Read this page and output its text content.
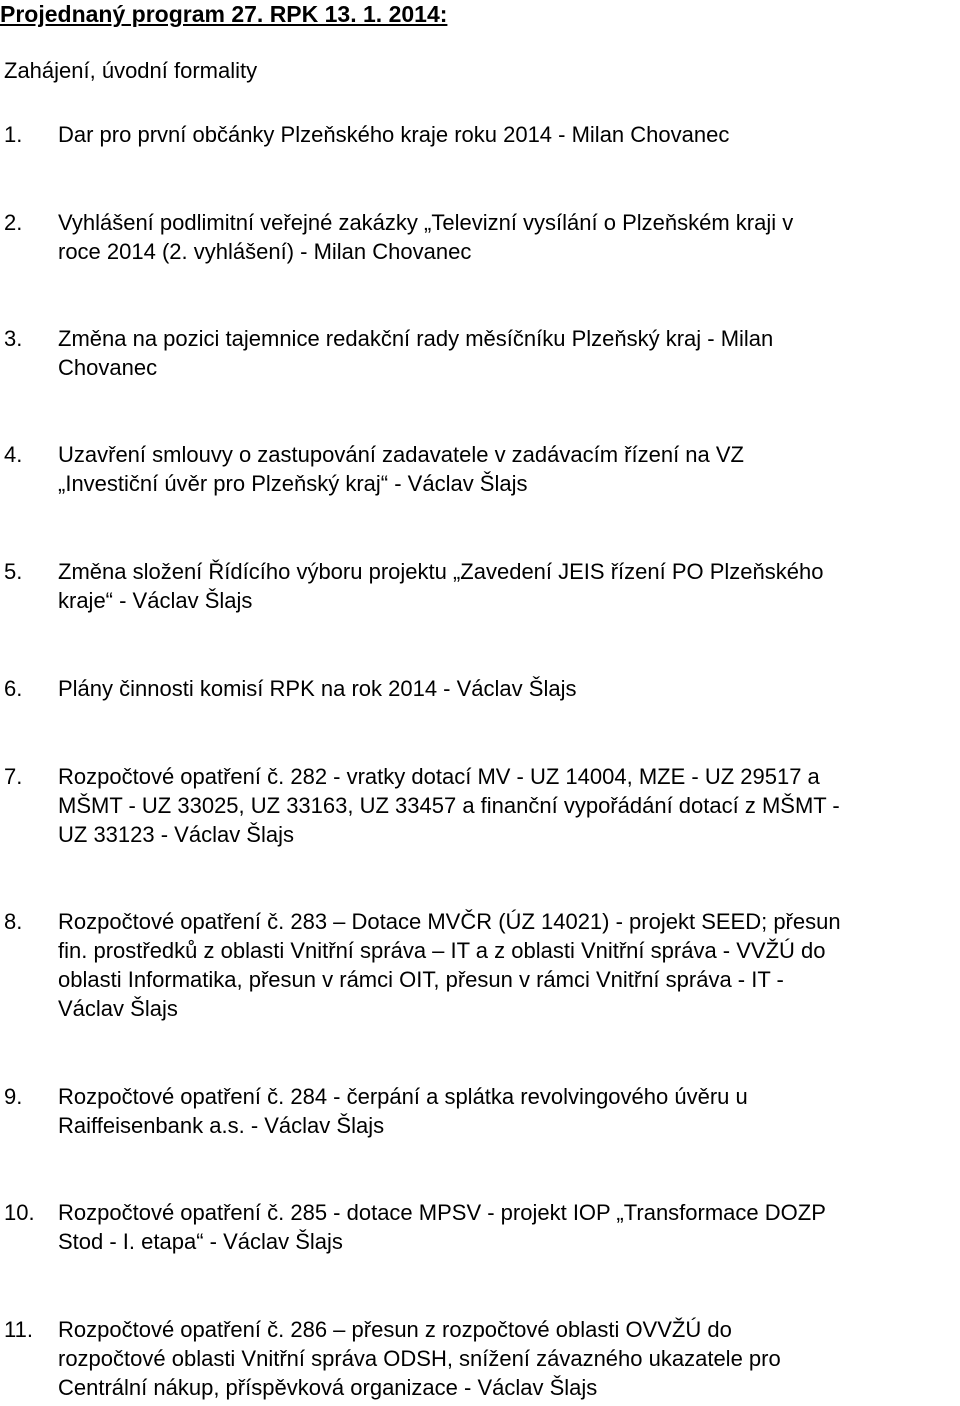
Projednaný program 27. RPK 13. 1. 2014:
Zahájení, úvodní formality
1. Dar pro první občánky Plzeňského kraje roku 2014 - Milan Chovanec
2. Vyhlášení podlimitní veřejné zakázky „Televizní vysílání o Plzeňském kraji v
roce 2014 (2. vyhlášení) - Milan Chovanec
3. Změna na pozici tajemnice redakční rady měsíčníku Plzeňský kraj - Milan
Chovanec
4. Uzavření smlouvy o zastupování zadavatele v zadávacím řízení na VZ
„Investiční úvěr pro Plzeňský kraj“ - Václav Šlajs
5. Změna složení Řídícího výboru projektu „Zavedení JEIS řízení PO Plzeňského
kraje“ - Václav Šlajs
6. Plány činnosti komisí RPK na rok 2014 - Václav Šlajs
7. Rozpočtové opatření č. 282 - vratky dotací MV - UZ 14004, MZE - UZ 29517 a
MŠMT - UZ 33025, UZ 33163, UZ 33457 a finanční vypořádání dotací z MŠMT -
UZ 33123 - Václav Šlajs
8. Rozpočtové opatření č. 283 – Dotace MVČR (ÚZ 14021) - projekt SEED; přesun
fin. prostředků z oblasti Vnitřní správa – IT a z oblasti Vnitřní správa - VVŽÚ do
oblasti Informatika, přesun v rámci OIT, přesun v rámci Vnitřní správa - IT -
Václav Šlajs
9. Rozpočtové opatření č. 284 - čerpání a splátka revolvingového úvěru u
Raiffeisenbank a.s. - Václav Šlajs
10. Rozpočtové opatření č. 285 - dotace MPSV - projekt IOP „Transformace DOZP
Stod - I. etapa“ - Václav Šlajs
11. Rozpočtové opatření č. 286 – přesun z rozpočtové oblasti OVVŽÚ do
rozpočtové oblasti Vnitřní správa ODSH, snížení závazného ukazatele pro
Centrální nákup, příspěvková organizace - Václav Šlajs
